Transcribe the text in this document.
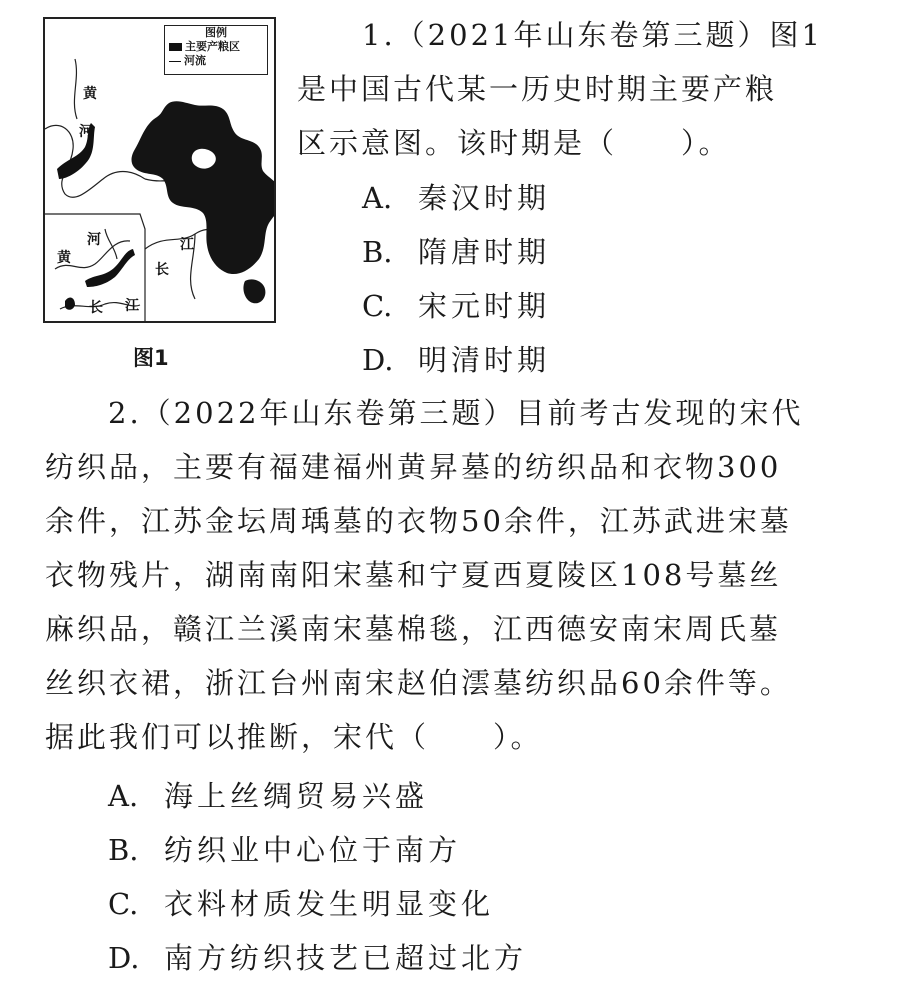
图例
主要产粮区
河流
黄
河
江
长
黄
河
长 江
图1
1.（2021年山东卷第三题）图1
是中国古代某一历史时期主要产粮
区示意图。该时期是（　　）。
A. 秦汉时期
B. 隋唐时期
C. 宋元时期
D. 明清时期
2.（2022年山东卷第三题）目前考古发现的宋代
纺织品，主要有福建福州黄昇墓的纺织品和衣物300
余件，江苏金坛周瑀墓的衣物50余件，江苏武进宋墓
衣物残片，湖南南阳宋墓和宁夏西夏陵区108号墓丝
麻织品，赣江兰溪南宋墓棉毯，江西德安南宋周氏墓
丝织衣裙，浙江台州南宋赵伯澐墓纺织品60余件等。
据此我们可以推断，宋代（　　）。
A. 海上丝绸贸易兴盛
B. 纺织业中心位于南方
C. 衣料材质发生明显变化
D. 南方纺织技艺已超过北方
